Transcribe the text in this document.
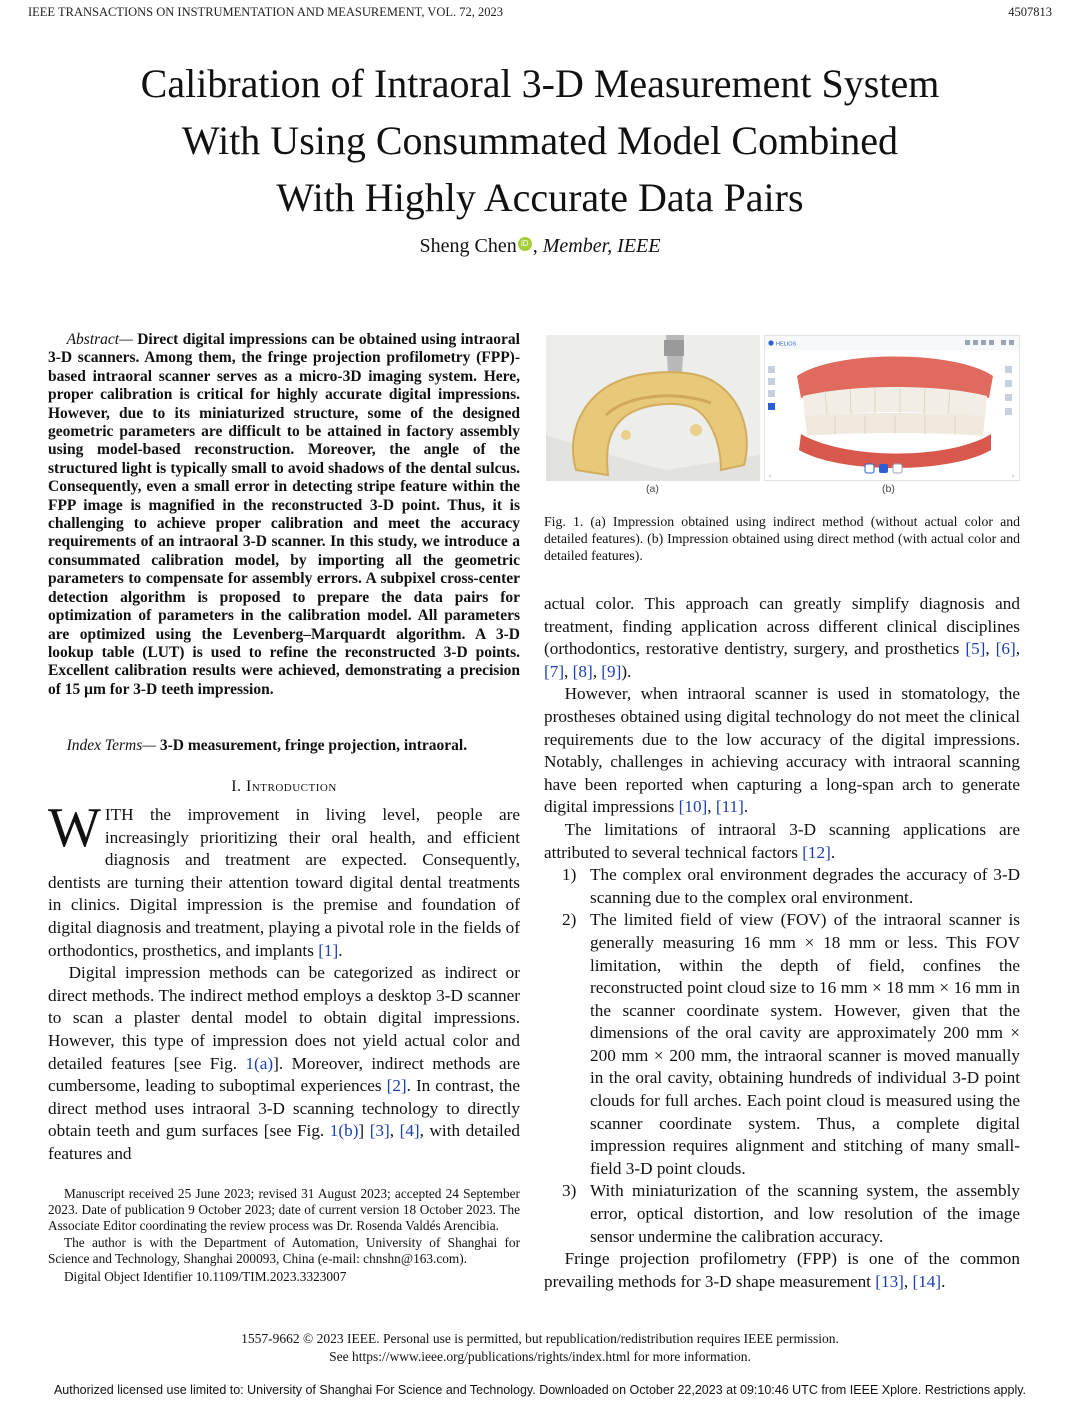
IEEE TRANSACTIONS ON INSTRUMENTATION AND MEASUREMENT, VOL. 72, 2023	4507813
Calibration of Intraoral 3-D Measurement System
With Using Consummated Model Combined
With Highly Accurate Data Pairs
Sheng Chen iD , Member, IEEE
Abstract— Direct digital impressions can be obtained using intraoral 3-D scanners. Among them, the fringe projection profilometry (FPP)-based intraoral scanner serves as a micro-3D imaging system. Here, proper calibration is critical for highly accurate digital impressions. However, due to its miniaturized structure, some of the designed geometric parameters are difficult to be attained in factory assembly using model-based reconstruction. Moreover, the angle of the structured light is typically small to avoid shadows of the dental sulcus. Consequently, even a small error in detecting stripe feature within the FPP image is magnified in the reconstructed 3-D point. Thus, it is challenging to achieve proper calibration and meet the accuracy requirements of an intraoral 3-D scanner. In this study, we introduce a consummated calibration model, by importing all the geometric parameters to compensate for assembly errors. A subpixel cross-center detection algorithm is proposed to prepare the data pairs for optimization of parameters in the calibration model. All parameters are optimized using the Levenberg–Marquardt algorithm. A 3-D lookup table (LUT) is used to refine the reconstructed 3-D points. Excellent calibration results were achieved, demonstrating a precision of 15 μm for 3-D teeth impression.
Index Terms— 3-D measurement, fringe projection, intraoral.
I. Introduction

WITH the improvement in living level, people are increasingly prioritizing their oral health, and efficient diagnosis and treatment are expected. Consequently, dentists are turning their attention toward digital dental treatments in clinics. Digital impression is the premise and foundation of digital diagnosis and treatment, playing a pivotal role in the fields of orthodontics, prosthetics, and implants [1].

Digital impression methods can be categorized as indirect or direct methods. The indirect method employs a desktop 3-D scanner to scan a plaster dental model to obtain digital impressions. However, this type of impression does not yield actual color and detailed features [see Fig. 1(a)]. Moreover, indirect methods are cumbersome, leading to suboptimal experiences [2]. In contrast, the direct method uses intraoral 3-D scanning technology to directly obtain teeth and gum surfaces [see Fig. 1(b)] [3], [4], with detailed features and

Manuscript received 25 June 2023; revised 31 August 2023; accepted 24 September 2023. Date of publication 9 October 2023; date of current version 18 October 2023. The Associate Editor coordinating the review process was Dr. Rosenda Valdés Arencibia.

The author is with the Department of Automation, University of Shanghai for Science and Technology, Shanghai 200093, China (e-mail: chnshn@163.com).

Digital Object Identifier 10.1109/TIM.2023.3323007

HELIOS
‹	›
(a)	(b)
Fig. 1. (a) Impression obtained using indirect method (without actual color and detailed features). (b) Impression obtained using direct method (with actual color and detailed features).

actual color. This approach can greatly simplify diagnosis and treatment, finding application across different clinical disciplines (orthodontics, restorative dentistry, surgery, and prosthetics [5], [6], [7], [8], [9]).

However, when intraoral scanner is used in stomatology, the prostheses obtained using digital technology do not meet the clinical requirements due to the low accuracy of the digital impressions. Notably, challenges in achieving accuracy with intraoral scanning have been reported when capturing a long-span arch to generate digital impressions [10], [11].

The limitations of intraoral 3-D scanning applications are attributed to several technical factors [12].

1) The complex oral environment degrades the accuracy of 3-D scanning due to the complex oral environment.
2) The limited field of view (FOV) of the intraoral scanner is generally measuring 16 mm × 18 mm or less. This FOV limitation, within the depth of field, confines the reconstructed point cloud size to 16 mm × 18 mm × 16 mm in the scanner coordinate system. However, given that the dimensions of the oral cavity are approximately 200 mm × 200 mm × 200 mm, the intraoral scanner is moved manually in the oral cavity, obtaining hundreds of individual 3-D point clouds for full arches. Each point cloud is measured using the scanner coordinate system. Thus, a complete digital impression requires alignment and stitching of many small-field 3-D point clouds.
3) With miniaturization of the scanning system, the assembly error, optical distortion, and low resolution of the image sensor undermine the calibration accuracy.

Fringe projection profilometry (FPP) is one of the common prevailing methods for 3-D shape measurement [13], [14].

1557-9662 © 2023 IEEE. Personal use is permitted, but republication/redistribution requires IEEE permission.
See https://www.ieee.org/publications/rights/index.html for more information.
Authorized licensed use limited to: University of Shanghai For Science and Technology. Downloaded on October 22,2023 at 09:10:46 UTC from IEEE Xplore. Restrictions apply.
